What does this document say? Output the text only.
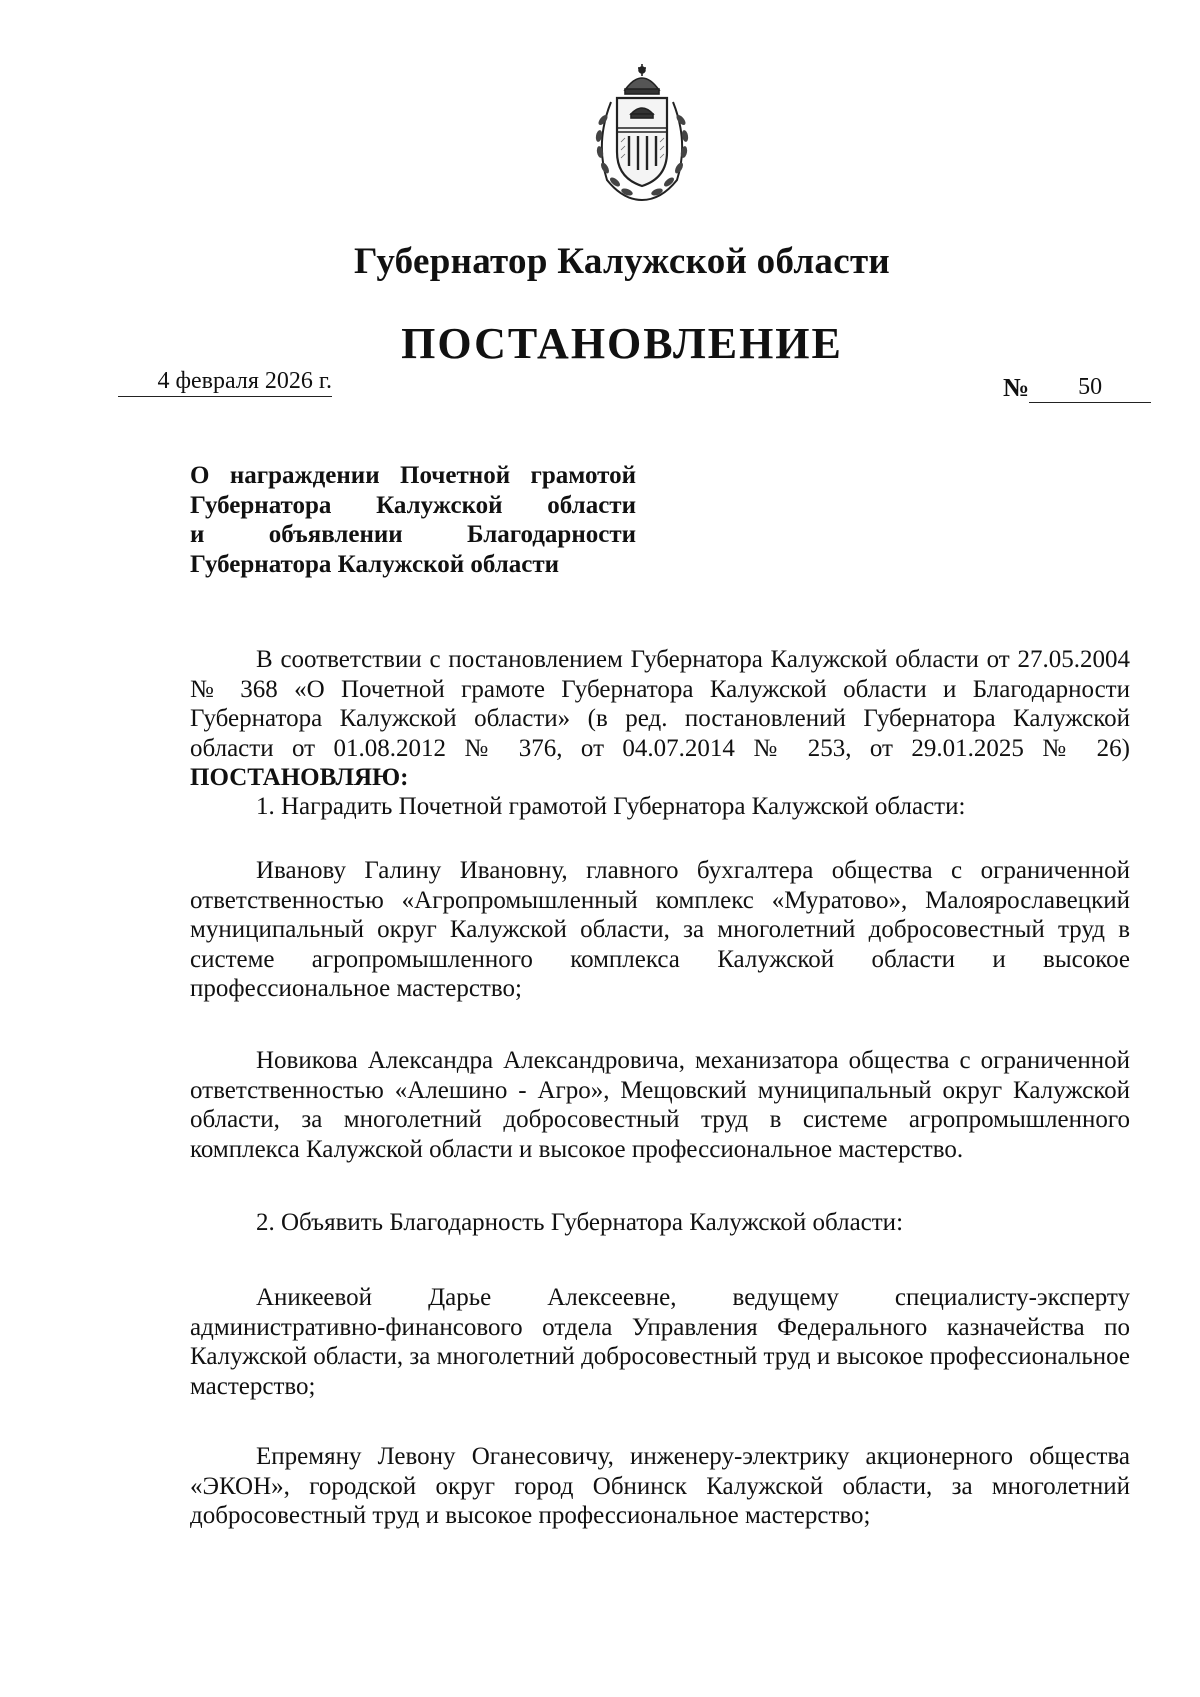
Губернатор Калужской области
ПОСТАНОВЛЕНИЕ
4 февраля 2026 г.	№	50
О награждении Почетной грамотой
Губернатора Калужской области
и объявлении Благодарности
Губернатора Калужской области

В соответствии с постановлением Губернатора Калужской области от 27.05.2004 № 368 «О Почетной грамоте Губернатора Калужской области и Благодарности Губернатора Калужской области» (в ред. постановлений Губернатора Калужской области от 01.08.2012 № 376, от 04.07.2014 № 253, от 29.01.2025 № 26) ПОСТАНОВЛЯЮ:

1. Наградить Почетной грамотой Губернатора Калужской области:

Иванову Галину Ивановну, главного бухгалтера общества с ограниченной ответственностью «Агропромышленный комплекс «Муратово», Малоярославецкий муниципальный округ Калужской области, за многолетний добросовестный труд в системе агропромышленного комплекса Калужской области и высокое профессиональное мастерство;

Новикова Александра Александровича, механизатора общества с ограниченной ответственностью «Алешино - Агро», Мещовский муниципальный округ Калужской области, за многолетний добросовестный труд в системе агропромышленного комплекса Калужской области и высокое профессиональное мастерство.

2. Объявить Благодарность Губернатора Калужской области:

Аникеевой Дарье Алексеевне, ведущему специалисту-эксперту административно-финансового отдела Управления Федерального казначейства по Калужской области, за многолетний добросовестный труд и высокое профессиональное мастерство;

Епремяну Левону Оганесовичу, инженеру-электрику акционерного общества «ЭКОН», городской округ город Обнинск Калужской области, за многолетний добросовестный труд и высокое профессиональное мастерство;
